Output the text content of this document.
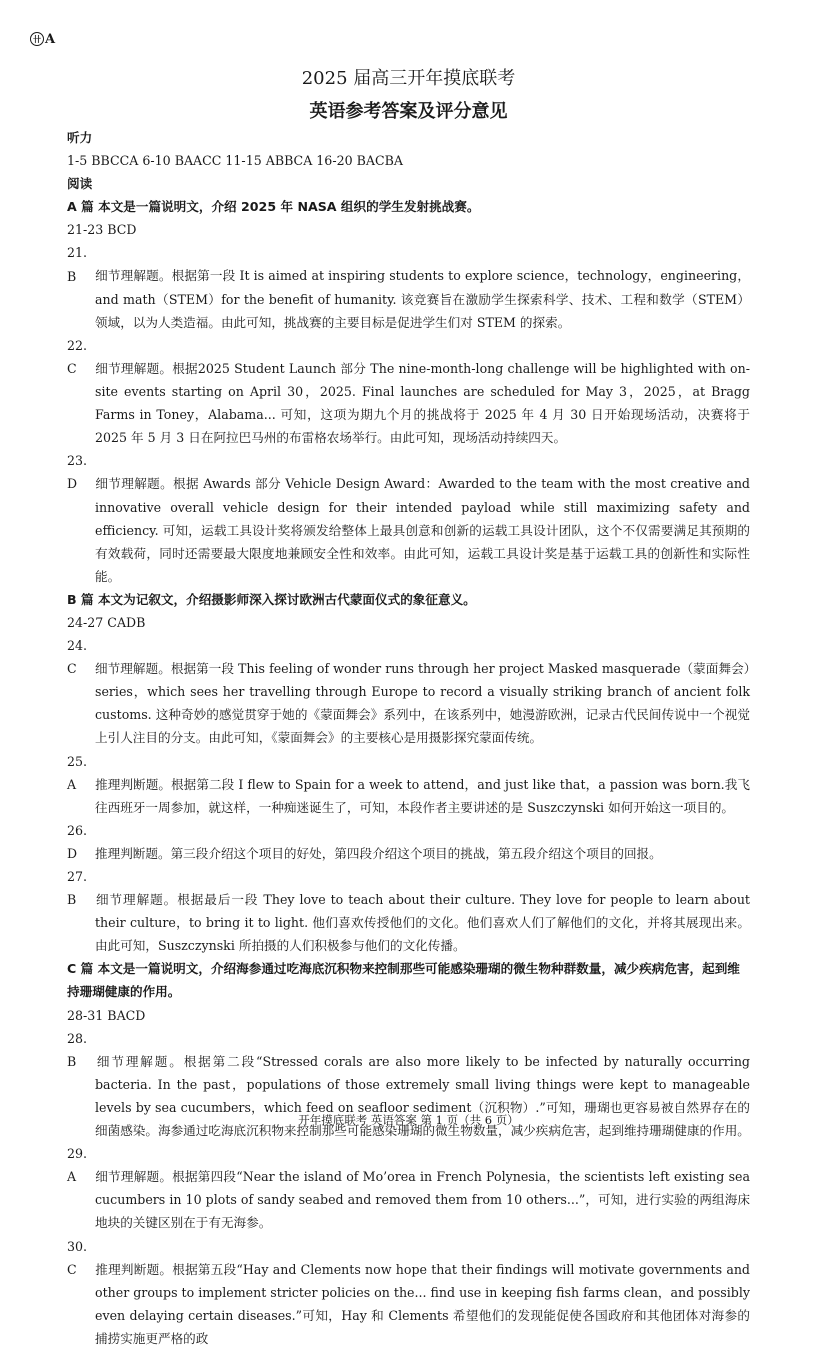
卄 A
2025 届高三开年摸底联考
英语参考答案及评分意见

听力

1-5 BBCCA 6-10 BAACC 11-15 ABBCA 16-20 BACBA

阅读

A 篇 本文是一篇说明文，介绍 2025 年 NASA 组织的学生发射挑战赛。

21-23 BCD

21. B 细节理解题。根据第一段 It is aimed at inspiring students to explore science，technology，engineering，and math（STEM）for the benefit of humanity. 该竞赛旨在激励学生探索科学、技术、工程和数学（STEM）领域，以为人类造福。由此可知，挑战赛的主要目标是促进学生们对 STEM 的探索。

22. C 细节理解题。根据2025 Student Launch 部分 The nine-month-long challenge will be highlighted with on-site events starting on April 30，2025. Final launches are scheduled for May 3，2025，at Bragg Farms in Toney，Alabama... 可知，这项为期九个月的挑战将于 2025 年 4 月 30 日开始现场活动，决赛将于 2025 年 5 月 3 日在阿拉巴马州的布雷格农场举行。由此可知，现场活动持续四天。

23. D 细节理解题。根据 Awards 部分 Vehicle Design Award：Awarded to the team with the most creative and innovative overall vehicle design for their intended payload while still maximizing safety and efficiency. 可知，运载工具设计奖将颁发给整体上最具创意和创新的运载工具设计团队，这个不仅需要满足其预期的有效载荷，同时还需要最大限度地兼顾安全性和效率。由此可知，运载工具设计奖是基于运载工具的创新性和实际性能。

B 篇 本文为记叙文，介绍摄影师深入探讨欧洲古代蒙面仪式的象征意义。

24-27 CADB

24. C 细节理解题。根据第一段 This feeling of wonder runs through her project Masked masquerade（蒙面舞会）series，which sees her travelling through Europe to record a visually striking branch of ancient folk customs. 这种奇妙的感觉贯穿于她的《蒙面舞会》系列中，在该系列中，她漫游欧洲，记录古代民间传说中一个视觉上引人注目的分支。由此可知，《蒙面舞会》的主要核心是用摄影探究蒙面传统。

25. A 推理判断题。根据第二段 I flew to Spain for a week to attend，and just like that，a passion was born.我飞往西班牙一周参加，就这样，一种痴迷诞生了，可知，本段作者主要讲述的是 Suszczynski 如何开始这一项目的。

26. D 推理判断题。第三段介绍这个项目的好处，第四段介绍这个项目的挑战，第五段介绍这个项目的回报。

27. B 细节理解题。根据最后一段 They love to teach about their culture. They love for people to learn about their culture，to bring it to light. 他们喜欢传授他们的文化。他们喜欢人们了解他们的文化，并将其展现出来。由此可知，Suszczynski 所拍摄的人们积极参与他们的文化传播。

C 篇 本文是一篇说明文，介绍海参通过吃海底沉积物来控制那些可能感染珊瑚的微生物种群数量，减少疾病危害，起到维持珊瑚健康的作用。

28-31 BACD

28. B 细节理解题。根据第二段“Stressed corals are also more likely to be infected by naturally occurring bacteria. In the past，populations of those extremely small living things were kept to manageable levels by sea cucumbers，which feed on seafloor sediment（沉积物）.”可知，珊瑚也更容易被自然界存在的细菌感染。海参通过吃海底沉积物来控制那些可能感染珊瑚的微生物数量，减少疾病危害，起到维持珊瑚健康的作用。

29. A 细节理解题。根据第四段“Near the island of Mo’orea in French Polynesia，the scientists left existing sea cucumbers in 10 plots of sandy seabed and removed them from 10 others...”，可知，进行实验的两组海床地块的关键区别在于有无海参。

30. C 推理判断题。根据第五段“Hay and Clements now hope that their findings will motivate governments and other groups to implement stricter policies on the... find use in keeping fish farms clean，and possibly even delaying certain diseases.”可知，Hay 和 Clements 希望他们的发现能促使各国政府和其他团体对海参的捕捞实施更严格的政

开年摸底联考 英语答案 第 1 页（共 6 页）
